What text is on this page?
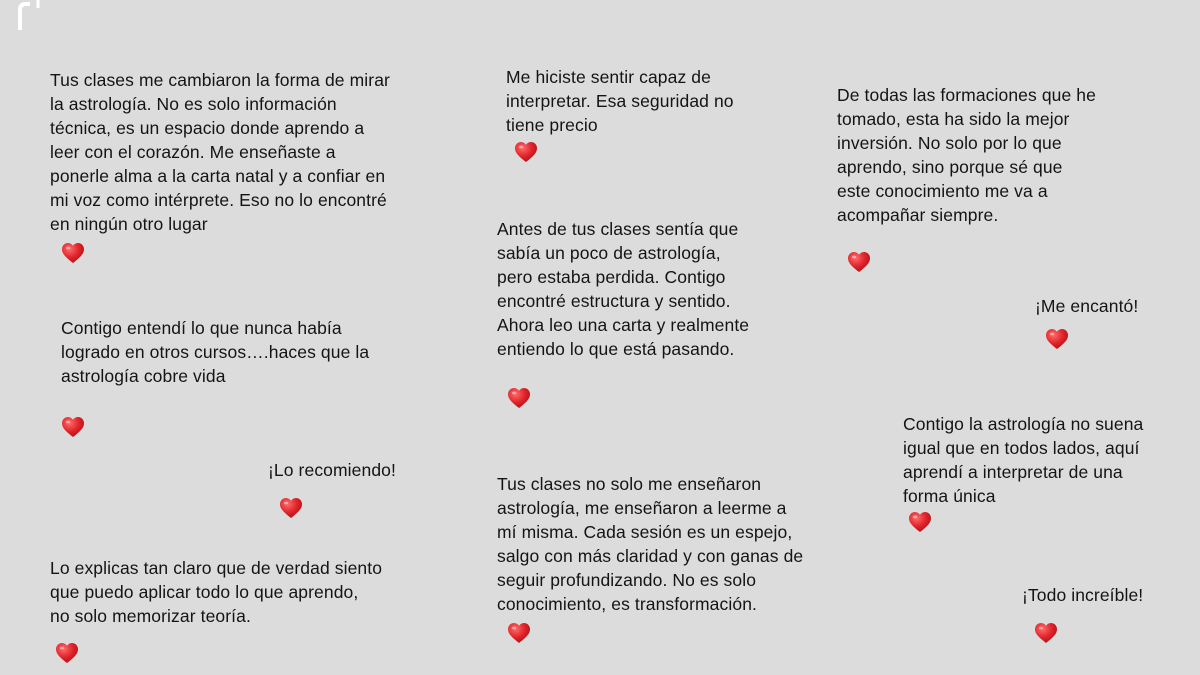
Tus clases me cambiaron la forma de mirar
la astrología. No es solo información
técnica, es un espacio donde aprendo a
leer con el corazón. Me enseñaste a
ponerle alma a la carta natal y a confiar en
mi voz como intérprete. Eso no lo encontré
en ningún otro lugar

Contigo entendí lo que nunca había
logrado en otros cursos….haces que la
astrología cobre vida

¡Lo recomiendo!

Lo explicas tan claro que de verdad siento
que puedo aplicar todo lo que aprendo,
no solo memorizar teoría.

Me hiciste sentir capaz de
interpretar. Esa seguridad no
tiene precio

Antes de tus clases sentía que
sabía un poco de astrología,
pero estaba perdida. Contigo
encontré estructura y sentido.
Ahora leo una carta y realmente
entiendo lo que está pasando.

Tus clases no solo me enseñaron
astrología, me enseñaron a leerme a
mí misma. Cada sesión es un espejo,
salgo con más claridad y con ganas de
seguir profundizando. No es solo
conocimiento, es transformación.

De todas las formaciones que he
tomado, esta ha sido la mejor
inversión. No solo por lo que
aprendo, sino porque sé que
este conocimiento me va a
acompañar siempre.

¡Me encantó!

Contigo la astrología no suena
igual que en todos lados, aquí
aprendí a interpretar de una
forma única

¡Todo increíble!
